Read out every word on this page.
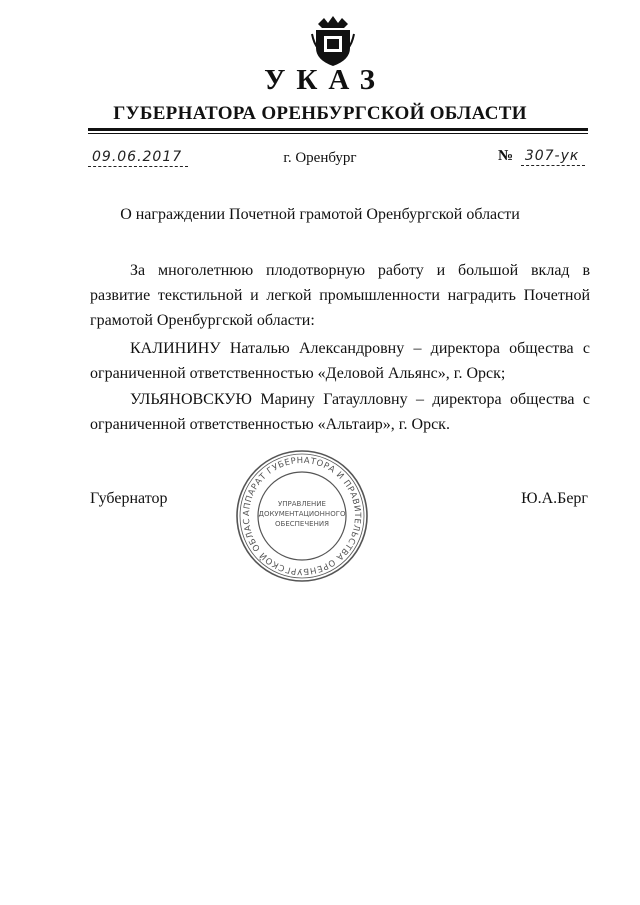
УКАЗ
ГУБЕРНАТОРА ОРЕНБУРГСКОЙ ОБЛАСТИ
09.06.2017	г. Оренбург	№ 307-ук
О награждении Почетной грамотой Оренбургской области
За многолетнюю плодотворную работу и большой вклад в развитие текстильной и легкой промышленности наградить Почетной грамотой Оренбургской области:
КАЛИНИНУ Наталью Александровну – директора общества с ограниченной ответственностью «Деловой Альянс», г. Орск;
УЛЬЯНОВСКУЮ Марину Гатаулловну – директора общества с ограниченной ответственностью «Альтаир», г. Орск.
Губернатор	Ю.А.Берг
АППАРАТ ГУБЕРНАТОРА И ПРАВИТЕЛЬСТВА ОРЕНБУРГСКОЙ ОБЛАС
УПРАВЛЕНИЕ
ДОКУМЕНТАЦИОННОГО
ОБЕСПЕЧЕНИЯ
